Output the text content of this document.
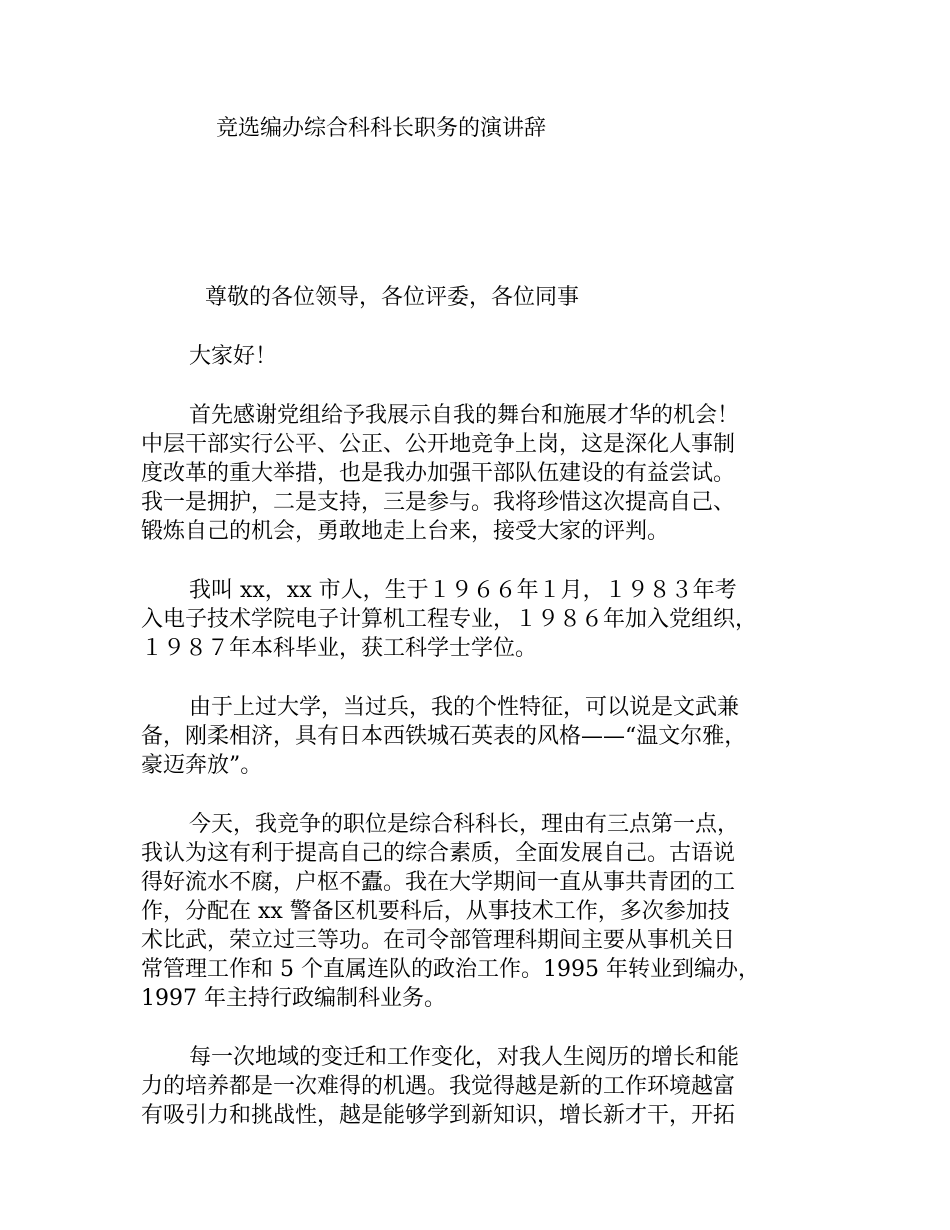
竞选编办综合科科长职务的演讲辞
尊敬的各位领导，各位评委，各位同事

大家好！

首先感谢党组给予我展示自我的舞台和施展才华的机会！
中层干部实行公平、公正、公开地竞争上岗，这是深化人事制
度改革的重大举措，也是我办加强干部队伍建设的有益尝试。
我一是拥护，二是支持，三是参与。我将珍惜这次提高自己、
锻炼自己的机会，勇敢地走上台来，接受大家的评判。

我叫 xx，xx 市人，生于１９６６年１月，１９８３年考
入电子技术学院电子计算机工程专业，１９８６年加入党组织，
１９８７年本科毕业，获工科学士学位。

由于上过大学，当过兵，我的个性特征，可以说是文武兼
备，刚柔相济，具有日本西铁城石英表的风格——“温文尔雅，
豪迈奔放”。

今天，我竞争的职位是综合科科长，理由有三点第一点，
我认为这有利于提高自己的综合素质，全面发展自己。古语说
得好流水不腐，户枢不蠹。我在大学期间一直从事共青团的工
作，分配在 xx 警备区机要科后，从事技术工作，多次参加技
术比武，荣立过三等功。在司令部管理科期间主要从事机关日
常管理工作和 5 个直属连队的政治工作。1995 年转业到编办，
1997 年主持行政编制科业务。

每一次地域的变迁和工作变化，对我人生阅历的增长和能
力的培养都是一次难得的机遇。我觉得越是新的工作环境越富
有吸引力和挑战性，越是能够学到新知识，增长新才干，开拓
